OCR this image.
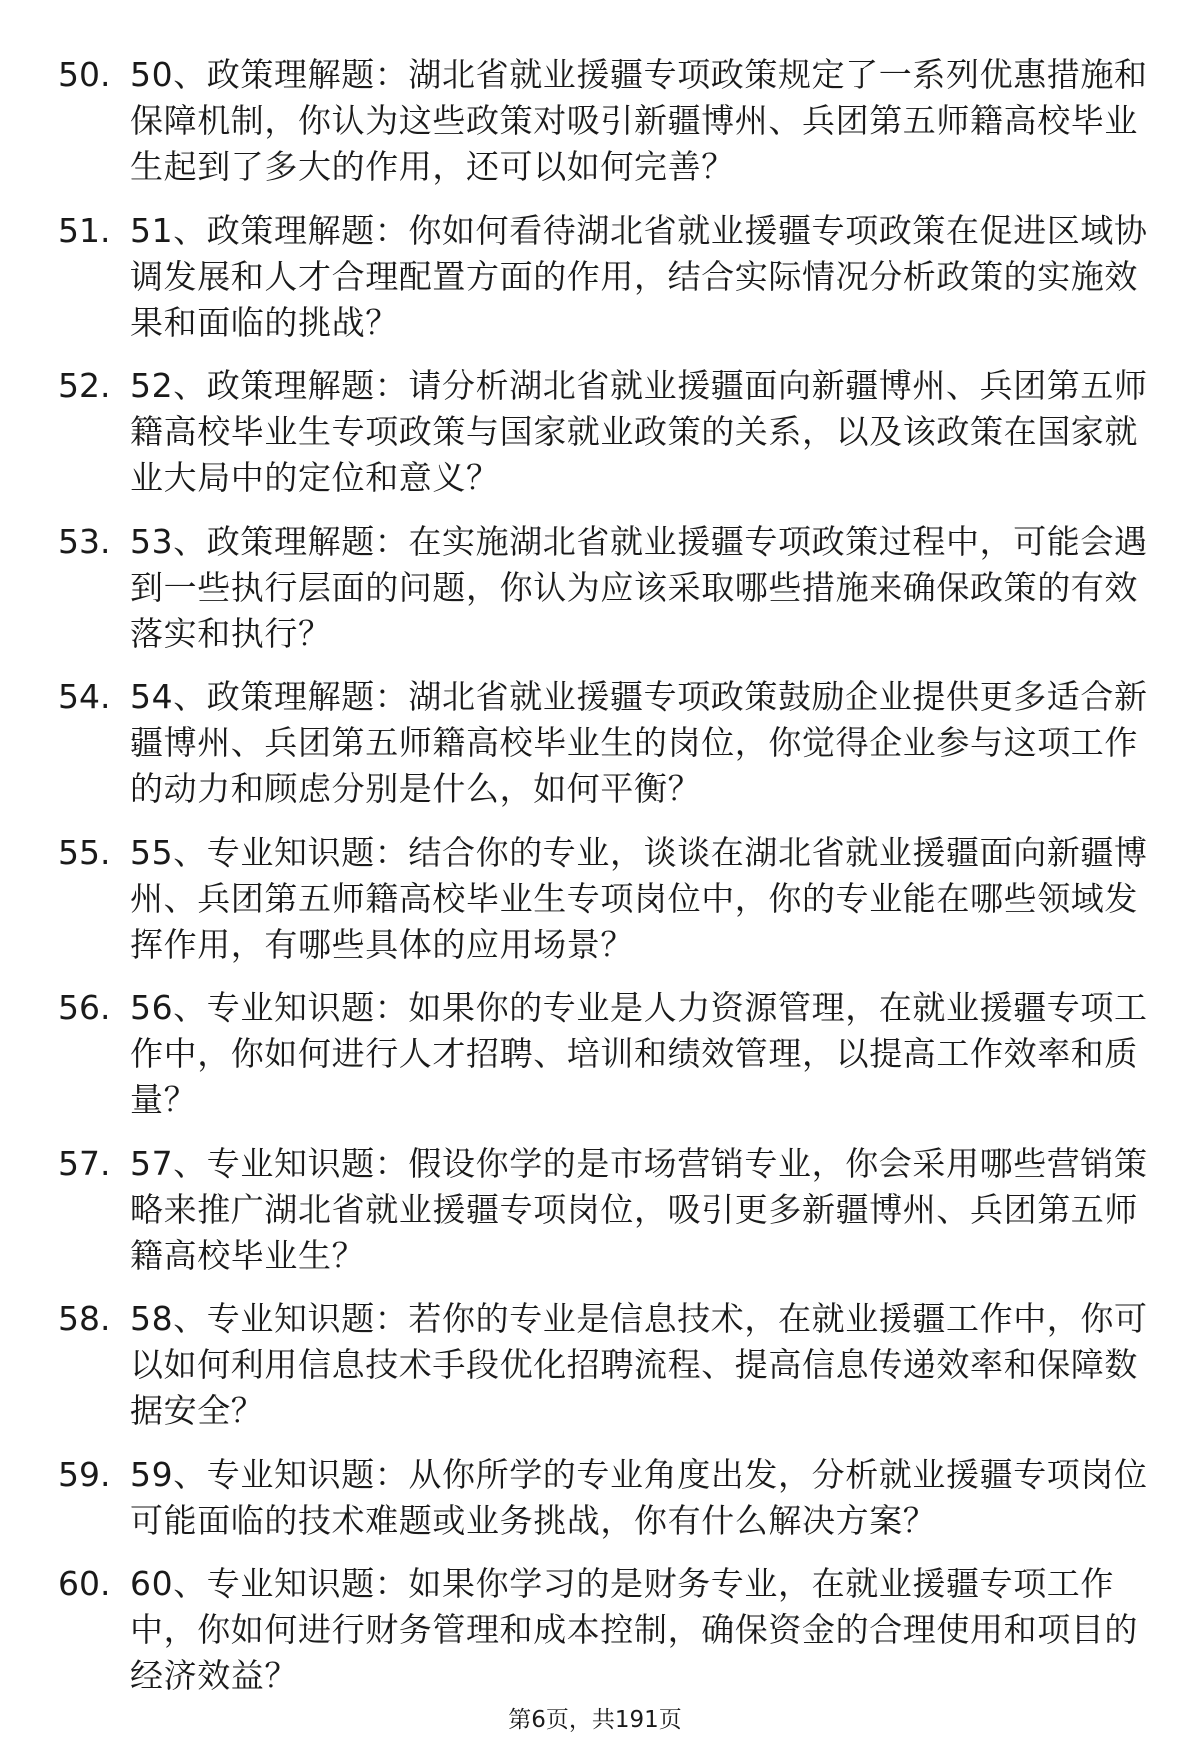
50. 50、政策理解题：湖北省就业援疆专项政策规定了一系列优惠措施和保障机制，你认为这些政策对吸引新疆博州、兵团第五师籍高校毕业生起到了多大的作用，还可以如何完善？
51. 51、政策理解题：你如何看待湖北省就业援疆专项政策在促进区域协调发展和人才合理配置方面的作用，结合实际情况分析政策的实施效果和面临的挑战？
52. 52、政策理解题：请分析湖北省就业援疆面向新疆博州、兵团第五师籍高校毕业生专项政策与国家就业政策的关系，以及该政策在国家就业大局中的定位和意义？
53. 53、政策理解题：在实施湖北省就业援疆专项政策过程中，可能会遇到一些执行层面的问题，你认为应该采取哪些措施来确保政策的有效落实和执行？
54. 54、政策理解题：湖北省就业援疆专项政策鼓励企业提供更多适合新疆博州、兵团第五师籍高校毕业生的岗位，你觉得企业参与这项工作的动力和顾虑分别是什么，如何平衡？
55. 55、专业知识题：结合你的专业，谈谈在湖北省就业援疆面向新疆博州、兵团第五师籍高校毕业生专项岗位中，你的专业能在哪些领域发挥作用，有哪些具体的应用场景？
56. 56、专业知识题：如果你的专业是人力资源管理，在就业援疆专项工作中，你如何进行人才招聘、培训和绩效管理，以提高工作效率和质量？
57. 57、专业知识题：假设你学的是市场营销专业，你会采用哪些营销策略来推广湖北省就业援疆专项岗位，吸引更多新疆博州、兵团第五师籍高校毕业生？
58. 58、专业知识题：若你的专业是信息技术，在就业援疆工作中，你可以如何利用信息技术手段优化招聘流程、提高信息传递效率和保障数据安全？
59. 59、专业知识题：从你所学的专业角度出发，分析就业援疆专项岗位可能面临的技术难题或业务挑战，你有什么解决方案？
60. 60、专业知识题：如果你学习的是财务专业，在就业援疆专项工作中，你如何进行财务管理和成本控制，确保资金的合理使用和项目的经济效益？
第6页，共191页
